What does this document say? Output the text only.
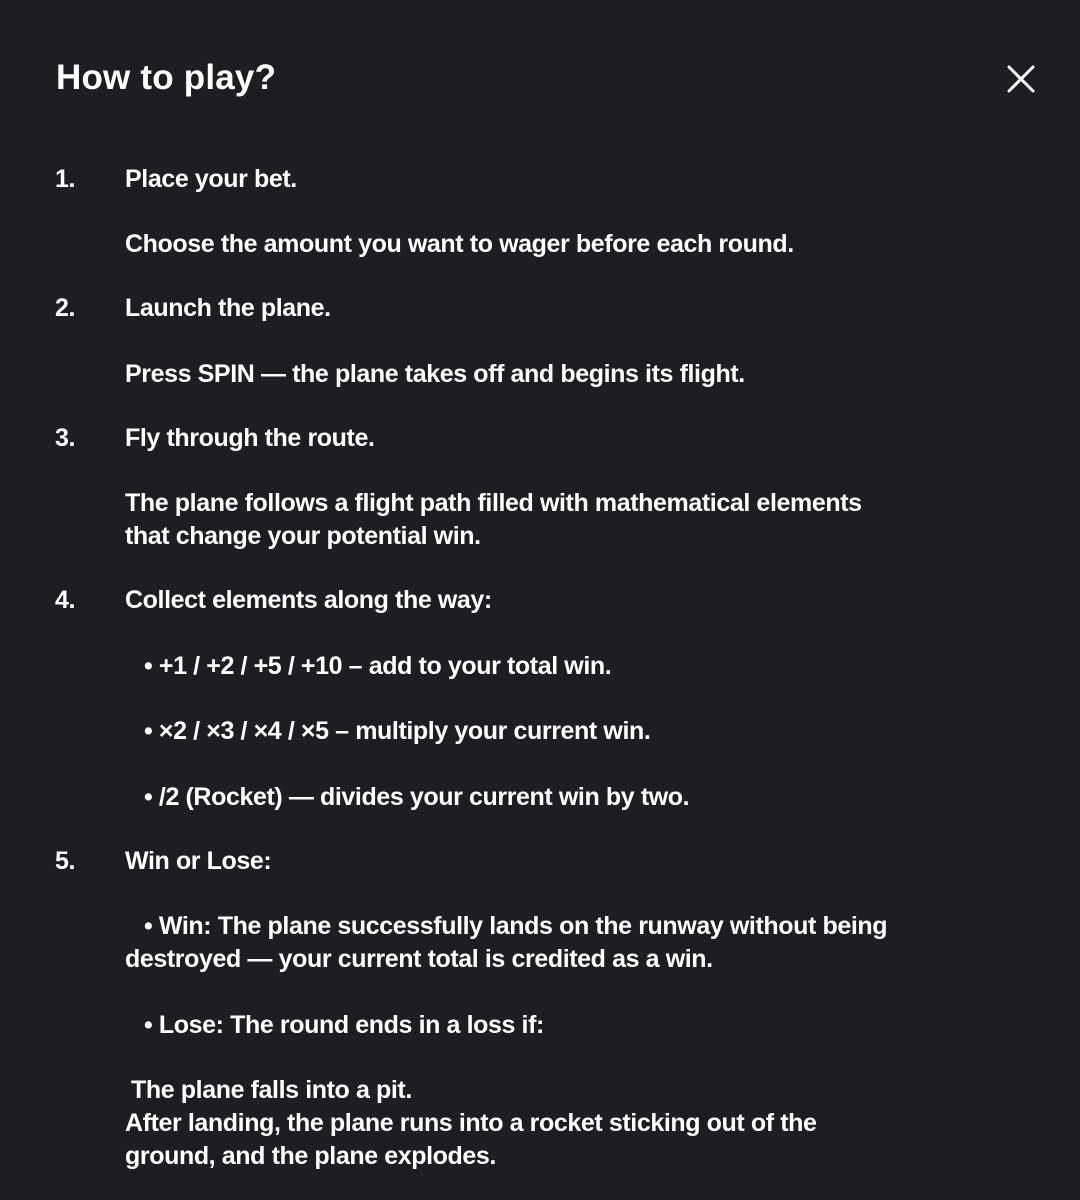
How to play?
1. Place your bet.
Choose the amount you want to wager before each round.
2. Launch the plane.
Press SPIN — the plane takes off and begins its flight.
3. Fly through the route.
The plane follows a flight path filled with mathematical elements
that change your potential win.
4. Collect elements along the way:
• +1 / +2 / +5 / +10 – add to your total win.
• ×2 / ×3 / ×4 / ×5 – multiply your current win.
• /2 (Rocket) — divides your current win by two.
5. Win or Lose:
• Win: The plane successfully lands on the runway without being
destroyed — your current total is credited as a win.
• Lose: The round ends in a loss if:
The plane falls into a pit.
After landing, the plane runs into a rocket sticking out of the
ground, and the plane explodes.
